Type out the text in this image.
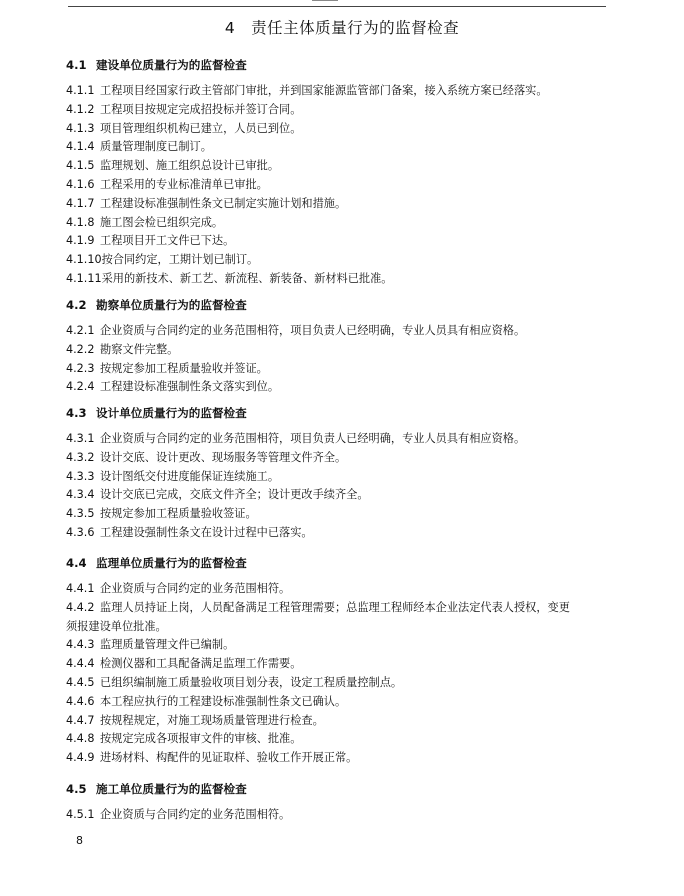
4　责任主体质量行为的监督检查
4.1 建设单位质量行为的监督检查
4.1.1 工程项目经国家行政主管部门审批，并到国家能源监管部门备案，接入系统方案已经落实。
4.1.2 工程项目按规定完成招投标并签订合同。
4.1.3 项目管理组织机构已建立，人员已到位。
4.1.4 质量管理制度已制订。
4.1.5 监理规划、施工组织总设计已审批。
4.1.6 工程采用的专业标准清单已审批。
4.1.7 工程建设标准强制性条文已制定实施计划和措施。
4.1.8 施工图会检已组织完成。
4.1.9 工程项目开工文件已下达。
4.1.10按合同约定，工期计划已制订。
4.1.11采用的新技术、新工艺、新流程、新装备、新材料已批准。
4.2 勘察单位质量行为的监督检查
4.2.1 企业资质与合同约定的业务范围相符，项目负责人已经明确，专业人员具有相应资格。
4.2.2 勘察文件完整。
4.2.3 按规定参加工程质量验收并签证。
4.2.4 工程建设标准强制性条文落实到位。
4.3 设计单位质量行为的监督检查
4.3.1 企业资质与合同约定的业务范围相符，项目负责人已经明确，专业人员具有相应资格。
4.3.2 设计交底、设计更改、现场服务等管理文件齐全。
4.3.3 设计图纸交付进度能保证连续施工。
4.3.4 设计交底已完成，交底文件齐全；设计更改手续齐全。
4.3.5 按规定参加工程质量验收签证。
4.3.6 工程建设强制性条文在设计过程中已落实。
4.4 监理单位质量行为的监督检查
4.4.1 企业资质与合同约定的业务范围相符。
4.4.2 监理人员持证上岗，人员配备满足工程管理需要；总监理工程师经本企业法定代表人授权，变更
须报建设单位批准。
4.4.3 监理质量管理文件已编制。
4.4.4 检测仪器和工具配备满足监理工作需要。
4.4.5 已组织编制施工质量验收项目划分表，设定工程质量控制点。
4.4.6 本工程应执行的工程建设标准强制性条文已确认。
4.4.7 按规程规定，对施工现场质量管理进行检查。
4.4.8 按规定完成各项报审文件的审核、批准。
4.4.9 进场材料、构配件的见证取样、验收工作开展正常。
4.5 施工单位质量行为的监督检查
4.5.1 企业资质与合同约定的业务范围相符。
8
